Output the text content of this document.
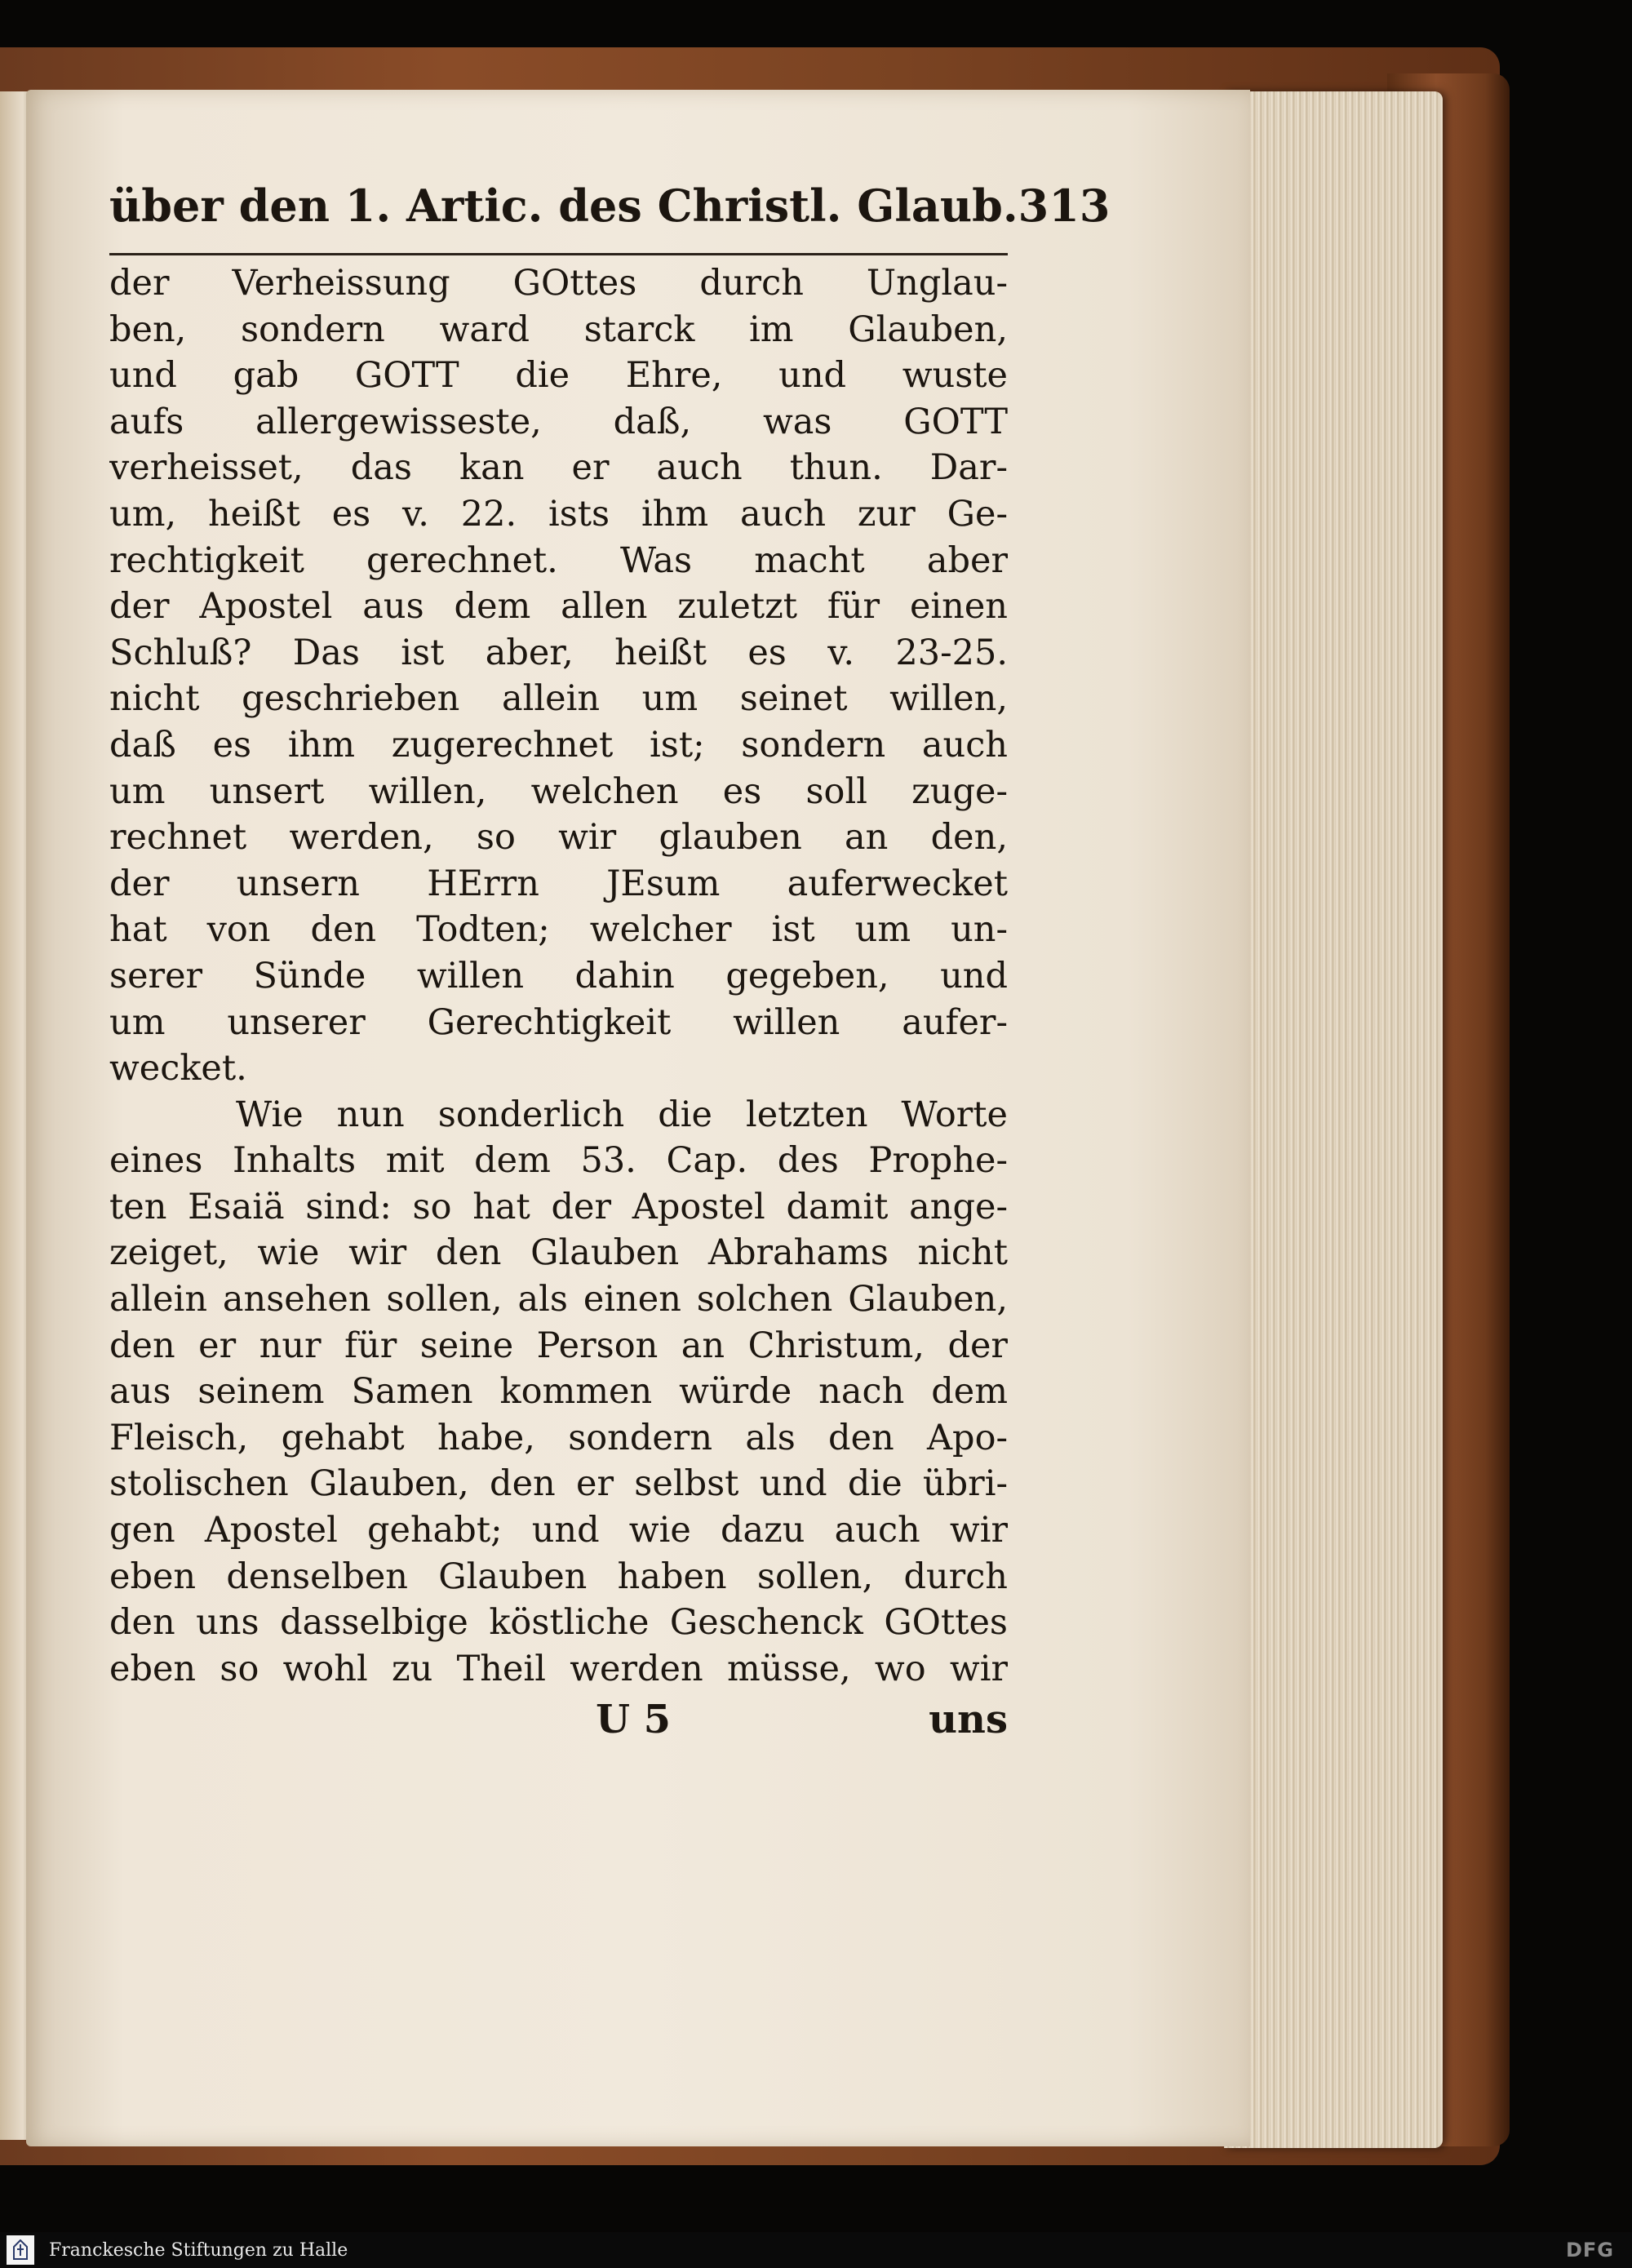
über den 1. Artic. des Christl. Glaub. 313
der Verheissung GOttes durch Unglau-
ben, sondern ward starck im Glauben,
und gab GOTT die Ehre, und wuste
aufs allergewisseste, daß, was GOTT
verheisset, das kan er auch thun. Dar-
um, heißt es v. 22. ists ihm auch zur Ge-
rechtigkeit gerechnet. Was macht aber
der Apostel aus dem allen zuletzt für einen
Schluß? Das ist aber, heißt es v. 23-25.
nicht geschrieben allein um seinet willen,
daß es ihm zugerechnet ist; sondern auch
um unsert willen, welchen es soll zuge-
rechnet werden, so wir glauben an den,
der unsern HErrn JEsum auferwecket
hat von den Todten; welcher ist um un-
serer Sünde willen dahin gegeben, und
um unserer Gerechtigkeit willen aufer-
wecket.
Wie nun sonderlich die letzten Worte
eines Inhalts mit dem 53. Cap. des Prophe-
ten Esaiä sind: so hat der Apostel damit ange-
zeiget, wie wir den Glauben Abrahams nicht
allein ansehen sollen, als einen solchen Glauben,
den er nur für seine Person an Christum, der
aus seinem Samen kommen würde nach dem
Fleisch, gehabt habe, sondern als den Apo-
stolischen Glauben, den er selbst und die übri-
gen Apostel gehabt; und wie dazu auch wir
eben denselben Glauben haben sollen, durch
den uns dasselbige köstliche Geschenck GOttes
eben so wohl zu Theil werden müsse, wo wir
U 5	uns
Franckesche Stiftungen zu Halle	DFG
